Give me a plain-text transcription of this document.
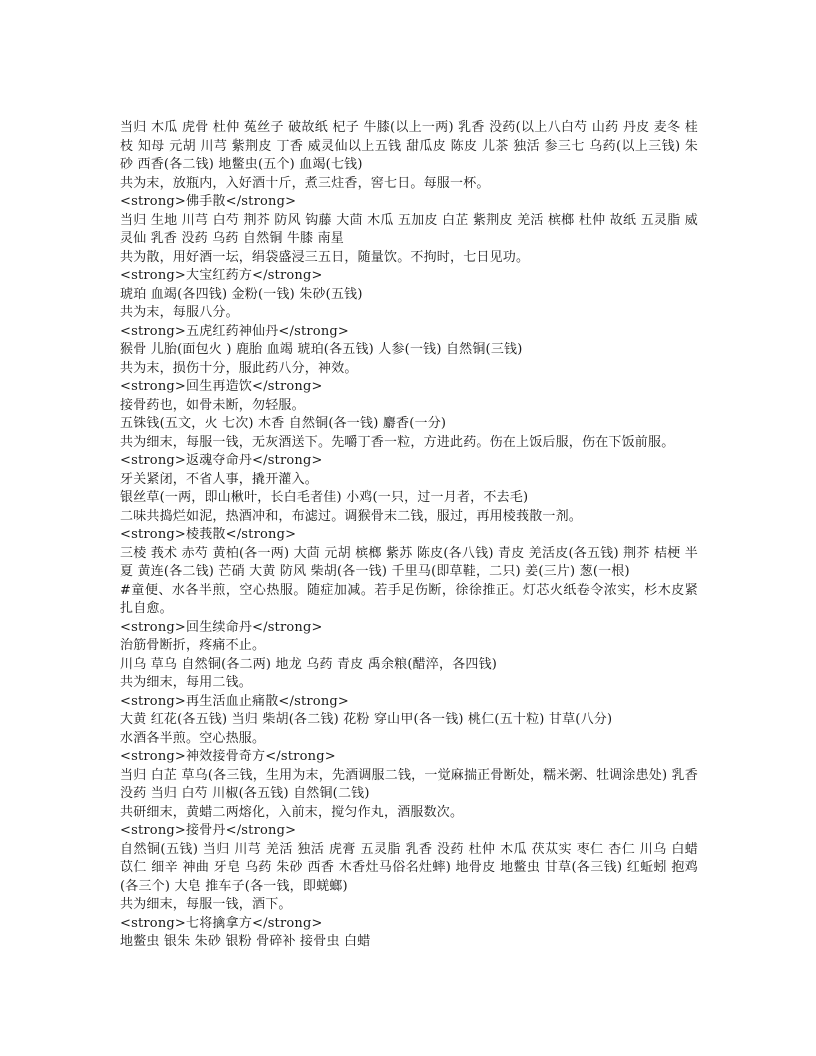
当归 木瓜 虎骨 杜仲 菟丝子 破故纸 杞子 牛膝(以上一两) 乳香 没药(以上八白芍 山药 丹皮 麦冬 桂枝 知母 元胡 川芎 紫荆皮 丁香 威灵仙以上五钱 甜瓜皮 陈皮 儿茶 独活 参三七 乌药(以上三钱) 朱砂 西香(各二钱) 地鳖虫(五个) 血竭(七钱)

共为末，放瓶内，入好酒十斤，煮三炷香，窖七日。每服一杯。

<strong>佛手散</strong>

当归 生地 川芎 白芍 荆芥 防风 钩藤 大茴 木瓜 五加皮 白芷 紫荆皮 羌活 槟榔 杜仲 故纸 五灵脂 威灵仙 乳香 没药 乌药 自然铜 牛膝 南星

共为散，用好酒一坛，绢袋盛浸三五日，随量饮。不拘时，七日见功。

<strong>大宝红药方</strong>

琥珀 血竭(各四钱) 金粉(一钱) 朱砂(五钱)

共为末，每服八分。

<strong>五虎红药神仙丹</strong>

猴骨 儿胎(面包火 ) 鹿胎 血竭 琥珀(各五钱) 人参(一钱) 自然铜(三钱)

共为末，损伤十分，服此药八分，神效。

<strong>回生再造饮</strong>

接骨药也，如骨未断，勿轻服。

五铢钱(五文，火 七次) 木香 自然铜(各一钱) 麝香(一分)

共为细末，每服一钱，无灰酒送下。先嚼丁香一粒，方进此药。伤在上饭后服，伤在下饭前服。

<strong>返魂夺命丹</strong>

牙关紧闭，不省人事，撬开灌入。

银丝草(一两，即山楸叶，长白毛者佳) 小鸡(一只，过一月者，不去毛)

二味共捣烂如泥，热酒冲和，布滤过。调猴骨末二钱，服过，再用棱莪散一剂。

<strong>棱莪散</strong>

三棱 莪术 赤芍 黄柏(各一两) 大茴 元胡 槟榔 紫苏 陈皮(各八钱) 青皮 羌活皮(各五钱) 荆芥 桔梗 半夏 黄连(各二钱) 芒硝 大黄 防风 柴胡(各一钱) 千里马(即草鞋，二只) 姜(三片) 葱(一根)

#童便、水各半煎，空心热服。随症加减。若手足伤断，徐徐推正。灯芯火纸卷令浓实，杉木皮紧扎自愈。

<strong>回生续命丹</strong>

治筋骨断折，疼痛不止。

川乌 草乌 自然铜(各二两) 地龙 乌药 青皮 禹余粮(醋淬，各四钱)

共为细末，每用二钱。

<strong>再生活血止痛散</strong>

大黄 红花(各五钱) 当归 柴胡(各二钱) 花粉 穿山甲(各一钱) 桃仁(五十粒) 甘草(八分)

水酒各半煎。空心热服。

<strong>神效接骨奇方</strong>

当归 白芷 草乌(各三钱，生用为末，先酒调服二钱，一觉麻揣正骨断处，糯米粥、牡调涂患处) 乳香 没药 当归 白芍 川椒(各五钱) 自然铜(二钱)

共研细末，黄蜡二两熔化，入前末，搅匀作丸，酒服数次。

<strong>接骨丹</strong>

自然铜(五钱) 当归 川芎 羌活 独活 虎膏 五灵脂 乳香 没药 杜仲 木瓜 茯苁实 枣仁 杏仁 川乌 白蜡 苡仁 细辛 神曲 牙皂 乌药 朱砂 西香 木香灶马俗名灶蟀) 地骨皮 地鳖虫 甘草(各三钱) 红蚯蚓 抱鸡(各三个) 大皂 推车子(各一钱，即蜣螂)

共为细末，每服一钱，酒下。

<strong>七将擒拿方</strong>

地鳖虫 银朱 朱砂 银粉 骨碎补 接骨虫 白蜡
